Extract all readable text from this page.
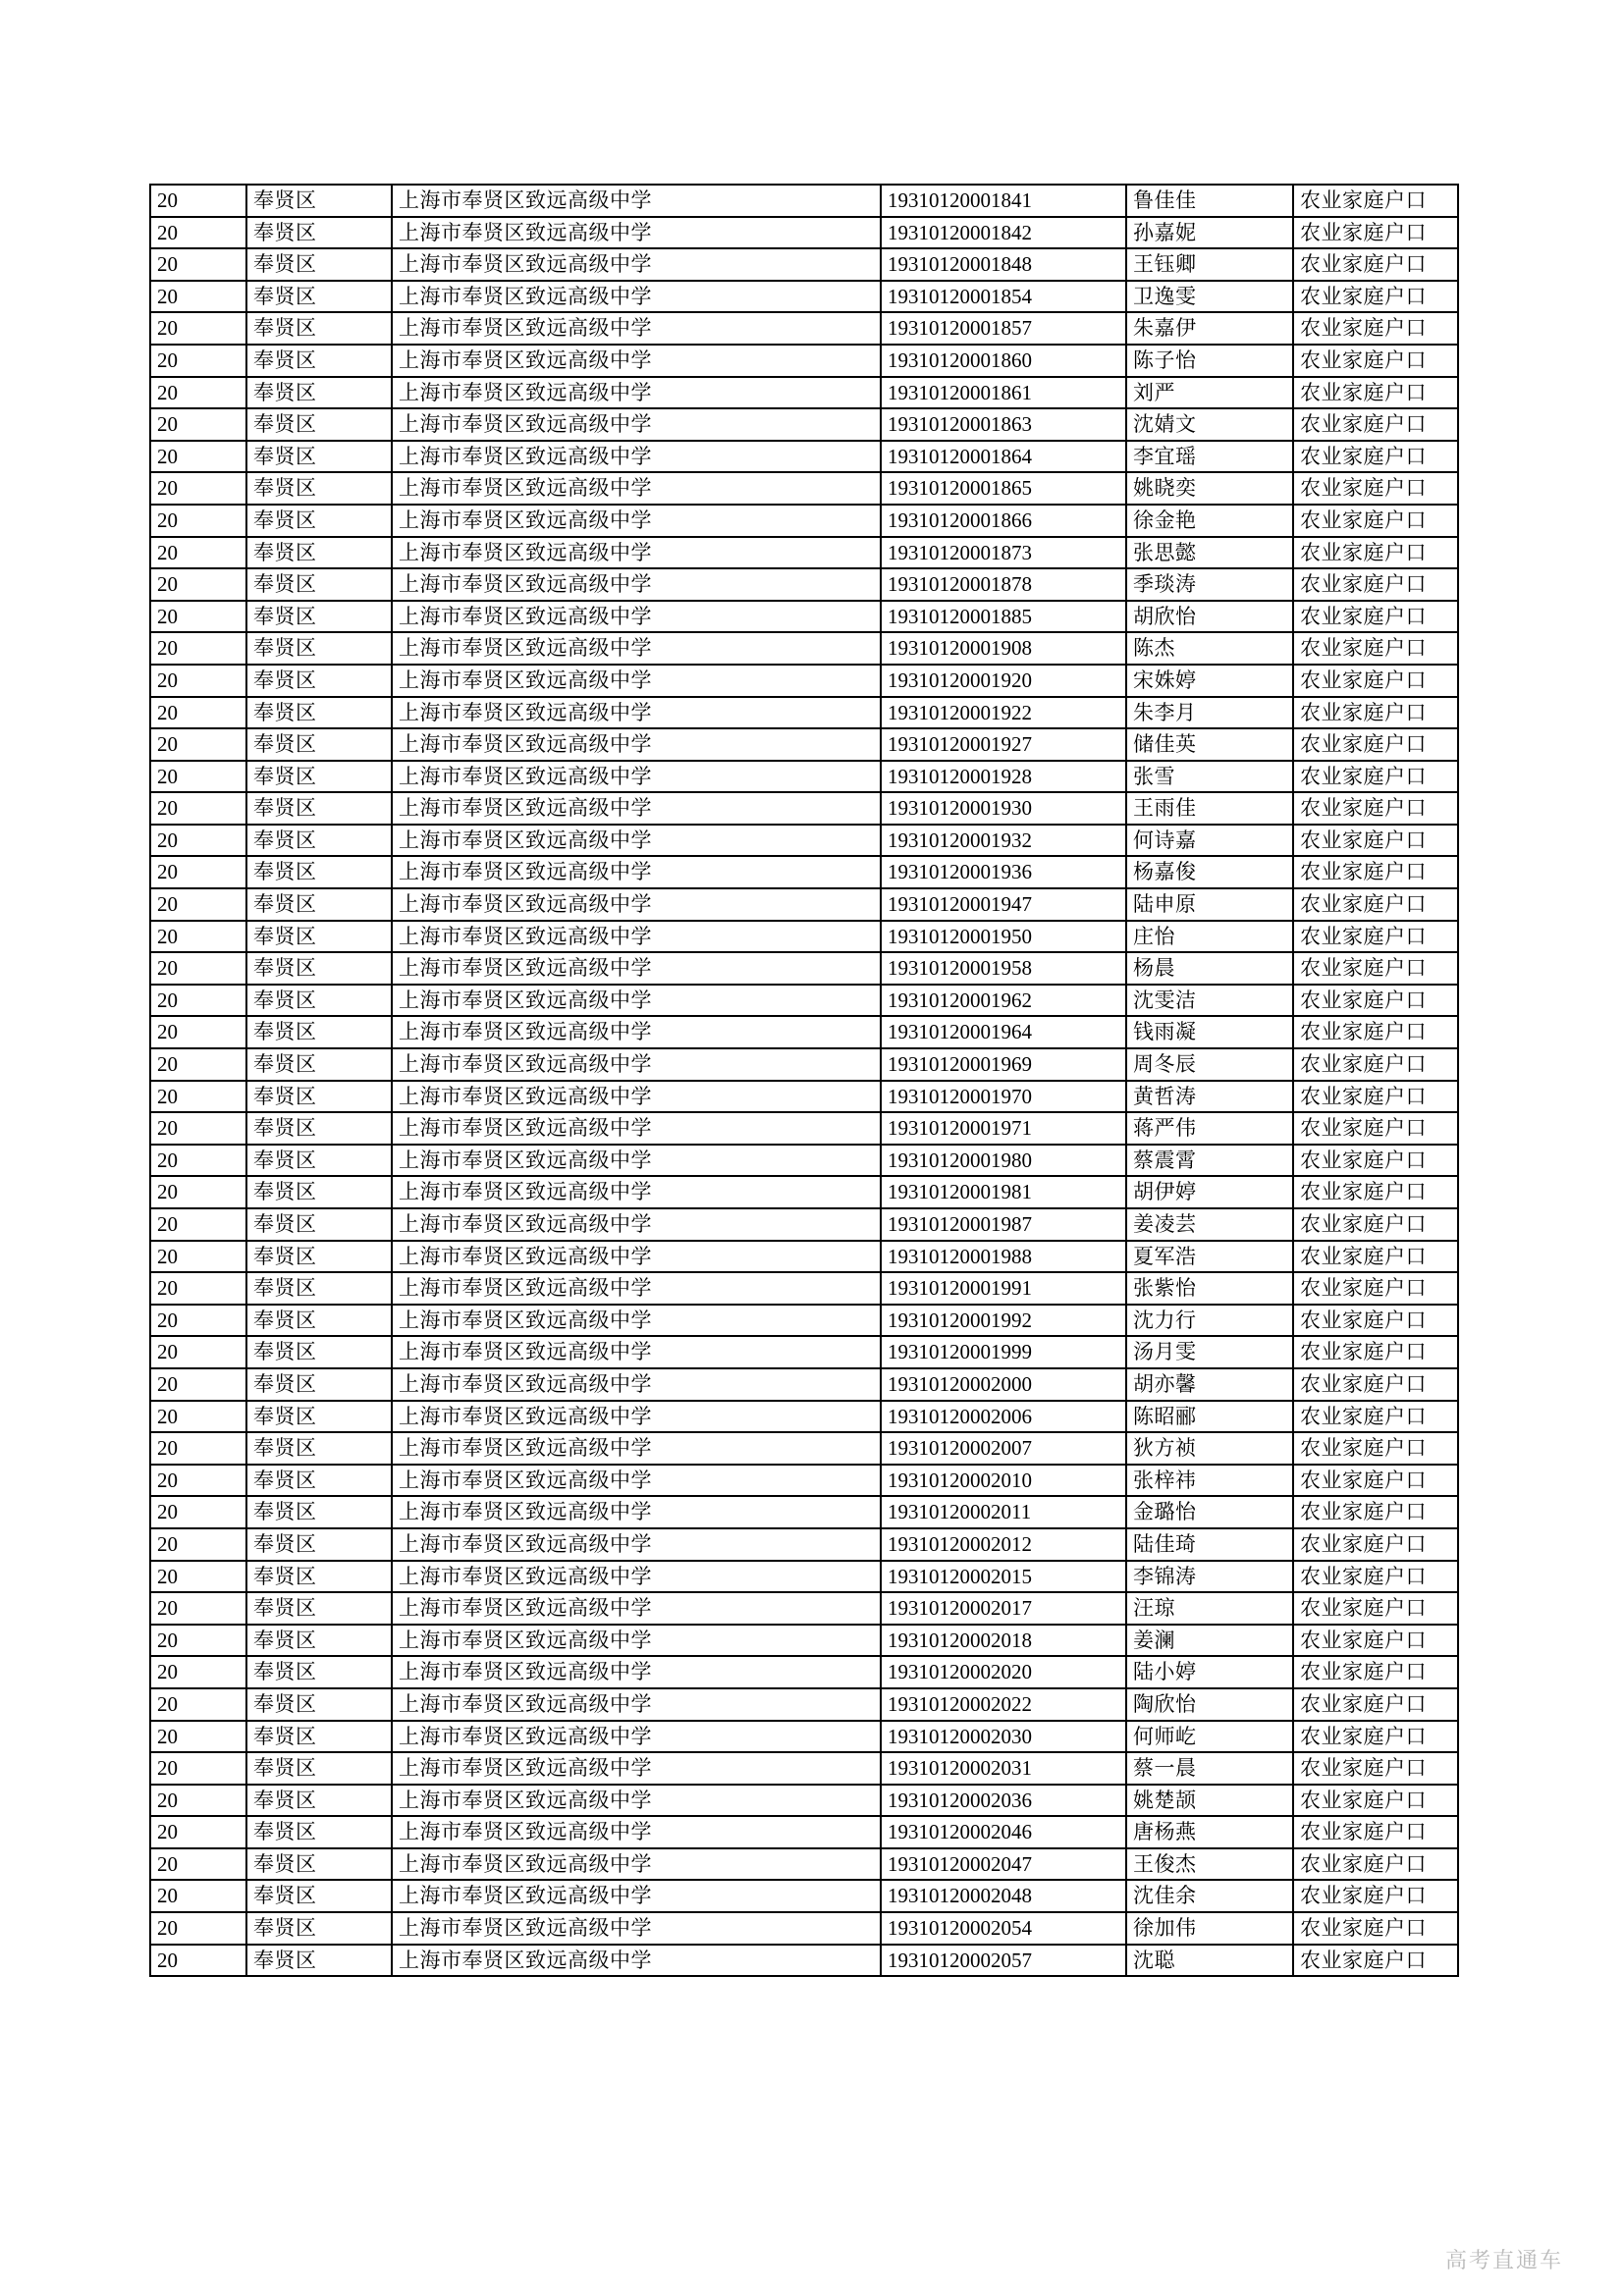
20	奉贤区	上海市奉贤区致远高级中学	19310120001841	鲁佳佳	农业家庭户口
20	奉贤区	上海市奉贤区致远高级中学	19310120001842	孙嘉妮	农业家庭户口
20	奉贤区	上海市奉贤区致远高级中学	19310120001848	王钰卿	农业家庭户口
20	奉贤区	上海市奉贤区致远高级中学	19310120001854	卫逸雯	农业家庭户口
20	奉贤区	上海市奉贤区致远高级中学	19310120001857	朱嘉伊	农业家庭户口
20	奉贤区	上海市奉贤区致远高级中学	19310120001860	陈子怡	农业家庭户口
20	奉贤区	上海市奉贤区致远高级中学	19310120001861	刘严	农业家庭户口
20	奉贤区	上海市奉贤区致远高级中学	19310120001863	沈婧文	农业家庭户口
20	奉贤区	上海市奉贤区致远高级中学	19310120001864	李宜瑶	农业家庭户口
20	奉贤区	上海市奉贤区致远高级中学	19310120001865	姚晓奕	农业家庭户口
20	奉贤区	上海市奉贤区致远高级中学	19310120001866	徐金艳	农业家庭户口
20	奉贤区	上海市奉贤区致远高级中学	19310120001873	张思懿	农业家庭户口
20	奉贤区	上海市奉贤区致远高级中学	19310120001878	季琰涛	农业家庭户口
20	奉贤区	上海市奉贤区致远高级中学	19310120001885	胡欣怡	农业家庭户口
20	奉贤区	上海市奉贤区致远高级中学	19310120001908	陈杰	农业家庭户口
20	奉贤区	上海市奉贤区致远高级中学	19310120001920	宋姝婷	农业家庭户口
20	奉贤区	上海市奉贤区致远高级中学	19310120001922	朱李月	农业家庭户口
20	奉贤区	上海市奉贤区致远高级中学	19310120001927	储佳英	农业家庭户口
20	奉贤区	上海市奉贤区致远高级中学	19310120001928	张雪	农业家庭户口
20	奉贤区	上海市奉贤区致远高级中学	19310120001930	王雨佳	农业家庭户口
20	奉贤区	上海市奉贤区致远高级中学	19310120001932	何诗嘉	农业家庭户口
20	奉贤区	上海市奉贤区致远高级中学	19310120001936	杨嘉俊	农业家庭户口
20	奉贤区	上海市奉贤区致远高级中学	19310120001947	陆申原	农业家庭户口
20	奉贤区	上海市奉贤区致远高级中学	19310120001950	庄怡	农业家庭户口
20	奉贤区	上海市奉贤区致远高级中学	19310120001958	杨晨	农业家庭户口
20	奉贤区	上海市奉贤区致远高级中学	19310120001962	沈雯洁	农业家庭户口
20	奉贤区	上海市奉贤区致远高级中学	19310120001964	钱雨凝	农业家庭户口
20	奉贤区	上海市奉贤区致远高级中学	19310120001969	周冬辰	农业家庭户口
20	奉贤区	上海市奉贤区致远高级中学	19310120001970	黄哲涛	农业家庭户口
20	奉贤区	上海市奉贤区致远高级中学	19310120001971	蒋严伟	农业家庭户口
20	奉贤区	上海市奉贤区致远高级中学	19310120001980	蔡震霄	农业家庭户口
20	奉贤区	上海市奉贤区致远高级中学	19310120001981	胡伊婷	农业家庭户口
20	奉贤区	上海市奉贤区致远高级中学	19310120001987	姜凌芸	农业家庭户口
20	奉贤区	上海市奉贤区致远高级中学	19310120001988	夏军浩	农业家庭户口
20	奉贤区	上海市奉贤区致远高级中学	19310120001991	张紫怡	农业家庭户口
20	奉贤区	上海市奉贤区致远高级中学	19310120001992	沈力行	农业家庭户口
20	奉贤区	上海市奉贤区致远高级中学	19310120001999	汤月雯	农业家庭户口
20	奉贤区	上海市奉贤区致远高级中学	19310120002000	胡亦馨	农业家庭户口
20	奉贤区	上海市奉贤区致远高级中学	19310120002006	陈昭郦	农业家庭户口
20	奉贤区	上海市奉贤区致远高级中学	19310120002007	狄方祯	农业家庭户口
20	奉贤区	上海市奉贤区致远高级中学	19310120002010	张梓祎	农业家庭户口
20	奉贤区	上海市奉贤区致远高级中学	19310120002011	金璐怡	农业家庭户口
20	奉贤区	上海市奉贤区致远高级中学	19310120002012	陆佳琦	农业家庭户口
20	奉贤区	上海市奉贤区致远高级中学	19310120002015	李锦涛	农业家庭户口
20	奉贤区	上海市奉贤区致远高级中学	19310120002017	汪琼	农业家庭户口
20	奉贤区	上海市奉贤区致远高级中学	19310120002018	姜澜	农业家庭户口
20	奉贤区	上海市奉贤区致远高级中学	19310120002020	陆小婷	农业家庭户口
20	奉贤区	上海市奉贤区致远高级中学	19310120002022	陶欣怡	农业家庭户口
20	奉贤区	上海市奉贤区致远高级中学	19310120002030	何师屹	农业家庭户口
20	奉贤区	上海市奉贤区致远高级中学	19310120002031	蔡一晨	农业家庭户口
20	奉贤区	上海市奉贤区致远高级中学	19310120002036	姚楚颉	农业家庭户口
20	奉贤区	上海市奉贤区致远高级中学	19310120002046	唐杨燕	农业家庭户口
20	奉贤区	上海市奉贤区致远高级中学	19310120002047	王俊杰	农业家庭户口
20	奉贤区	上海市奉贤区致远高级中学	19310120002048	沈佳余	农业家庭户口
20	奉贤区	上海市奉贤区致远高级中学	19310120002054	徐加伟	农业家庭户口
20	奉贤区	上海市奉贤区致远高级中学	19310120002057	沈聪	农业家庭户口
高考直通车
